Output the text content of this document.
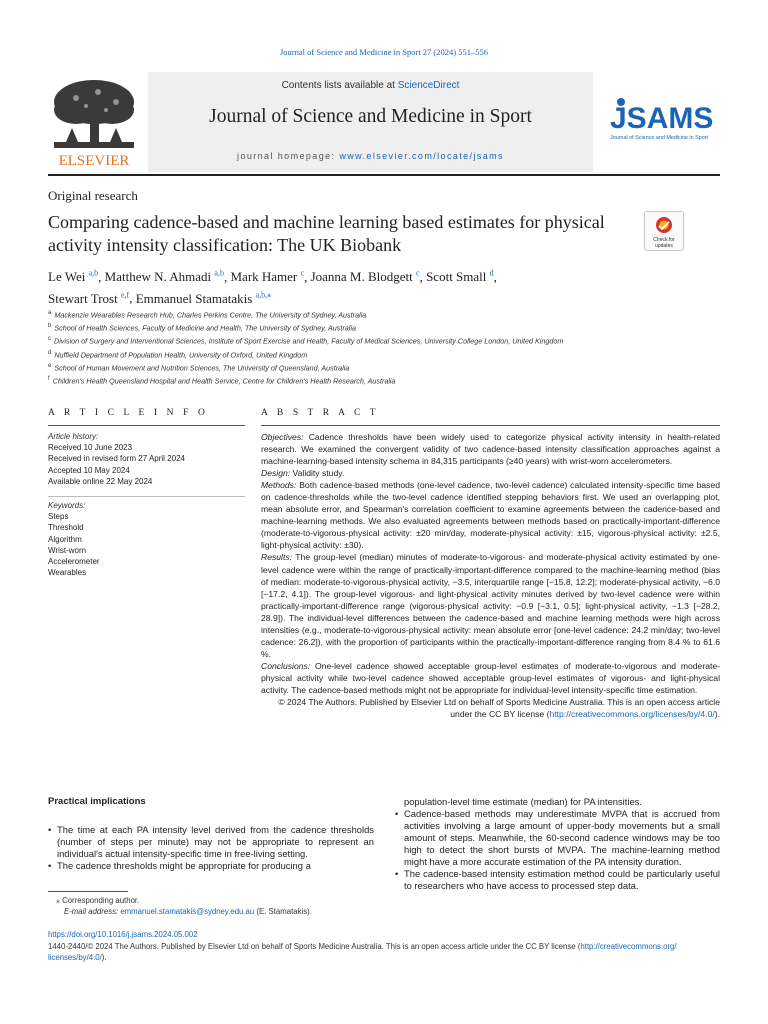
Journal of Science and Medicine in Sport 27 (2024) 551–556
ELSEVIER
Contents lists available at ScienceDirect
Journal of Science and Medicine in Sport
journal homepage: www.elsevier.com/locate/jsams
JSAMS
Journal of Science and Medicine in Sport
Original research
Comparing cadence-based and machine learning based estimates for physical activity intensity classification: The UK Biobank	Check for
updates
Le Wei $^{a,b}$, Matthew N. Ahmadi $^{a,b}$, Mark Hamer $^c$, Joanna M. Blodgett $^c$, Scott Small $^d$,
Stewart Trost $^{e,f}$, Emmanuel Stamatakis $^{a,b,⁎}$
$^a$ Mackenzie Wearables Research Hub, Charles Perkins Centre, The University of Sydney, Australia
$^b$ School of Health Sciences, Faculty of Medicine and Health, The University of Sydney, Australia
$^c$ Division of Surgery and Interventional Sciences, Institute of Sport Exercise and Health, Faculty of Medical Sciences, University College London, United Kingdom
$^d$ Nuffield Department of Population Health, University of Oxford, United Kingdom
$^e$ School of Human Movement and Nutrition Sciences, The University of Queensland, Australia
$^f$ Children's Health Queensland Hospital and Health Service, Centre for Children's Health Research, Australia
A R T I C L E I N F O
Article history:
Received 10 June 2023
Received in revised form 27 April 2024
Accepted 10 May 2024
Available online 22 May 2024
Keywords:
Steps
Threshold
Algorithm
Wrist-worn
Accelerometer
Wearables
A B S T R A C T

Objectives: Cadence thresholds have been widely used to categorize physical activity intensity in health-related research. We examined the convergent validity of two cadence-based intensity classification approaches against a machine-learning-based intensity schema in 84,315 participants (≥40 years) with wrist-worn accelerometers.

Design: Validity study.

Methods: Both cadence-based methods (one-level cadence, two-level cadence) calculated intensity-specific time based on cadence-thresholds while the two-level cadence identified stepping behaviors first. We used an overlapping plot, mean absolute error, and Spearman's correlation coefficient to examine agreements between the cadence-based and machine-learning methods. We also evaluated agreements between methods based on practically-important-difference (moderate-to-vigorous-physical activity: ±20 min/day, moderate-physical activity: ±15, vigorous-physical activity: ±2.5, light-physical activity: ±30).

Results: The group-level (median) minutes of moderate-to-vigorous- and moderate-physical activity estimated by one-level cadence were within the range of practically-important-difference compared to the machine-learning method (bias of median: moderate-to-vigorous-physical activity, −3.5, interquartile range [−15.8, 12.2]; moderate-physical activity, −6.0 [−17.2, 4.1]). The group-level vigorous- and light-physical activity minutes derived by two-level cadence were within practically-important-difference range (vigorous-physical activity: −0.9 [−3.1, 0.5]; light-physical activity, −1.3 [−28.2, 28.9]). The individual-level differences between the cadence-based and machine learning methods were high across intensities (e.g., moderate-to-vigorous-physical activity: mean absolute error [one-level cadence: 24.2 min/day; two-level cadence: 26.2]), with the proportion of participants within the practically-important-difference ranging from 8.4 % to 61.6 %.

Conclusions: One-level cadence showed acceptable group-level estimates of moderate-to-vigorous and moderate-physical activity while two-level cadence showed acceptable group-level estimates of vigorous- and light-physical activity. The cadence-based methods might not be appropriate for individual-level intensity-specific time estimation.

© 2024 The Authors. Published by Elsevier Ltd on behalf of Sports Medicine Australia. This is an open access article under the CC BY license (http://creativecommons.org/licenses/by/4.0/).

Practical implications
• The time at each PA intensity level derived from the cadence thresholds (number of steps per minute) may not be appropriate to represent an individual's actual intensity-specific time in free-living setting.
• The cadence thresholds might be appropriate for producing a
population-level time estimate (median) for PA intensities.
• Cadence-based methods may underestimate MVPA that is accrued from activities involving a large amount of upper-body movements but a small amount of steps. Meanwhile, the 60-second cadence windows may be too high to detect the short bursts of MVPA. The machine-learning method might have a more accurate estimation of the PA intensity duration.
• The cadence-based intensity estimation method could be particularly useful to researchers who have access to processed step data.
⁎ Corresponding author.
E-mail address: emmanuel.stamatakis@sydney.edu.au (E. Stamatakis).
https://doi.org/10.1016/j.jsams.2024.05.002
1440-2440/© 2024 The Authors. Published by Elsevier Ltd on behalf of Sports Medicine Australia. This is an open access article under the CC BY license (http://creativecommons.org/
licenses/by/4.0/).
